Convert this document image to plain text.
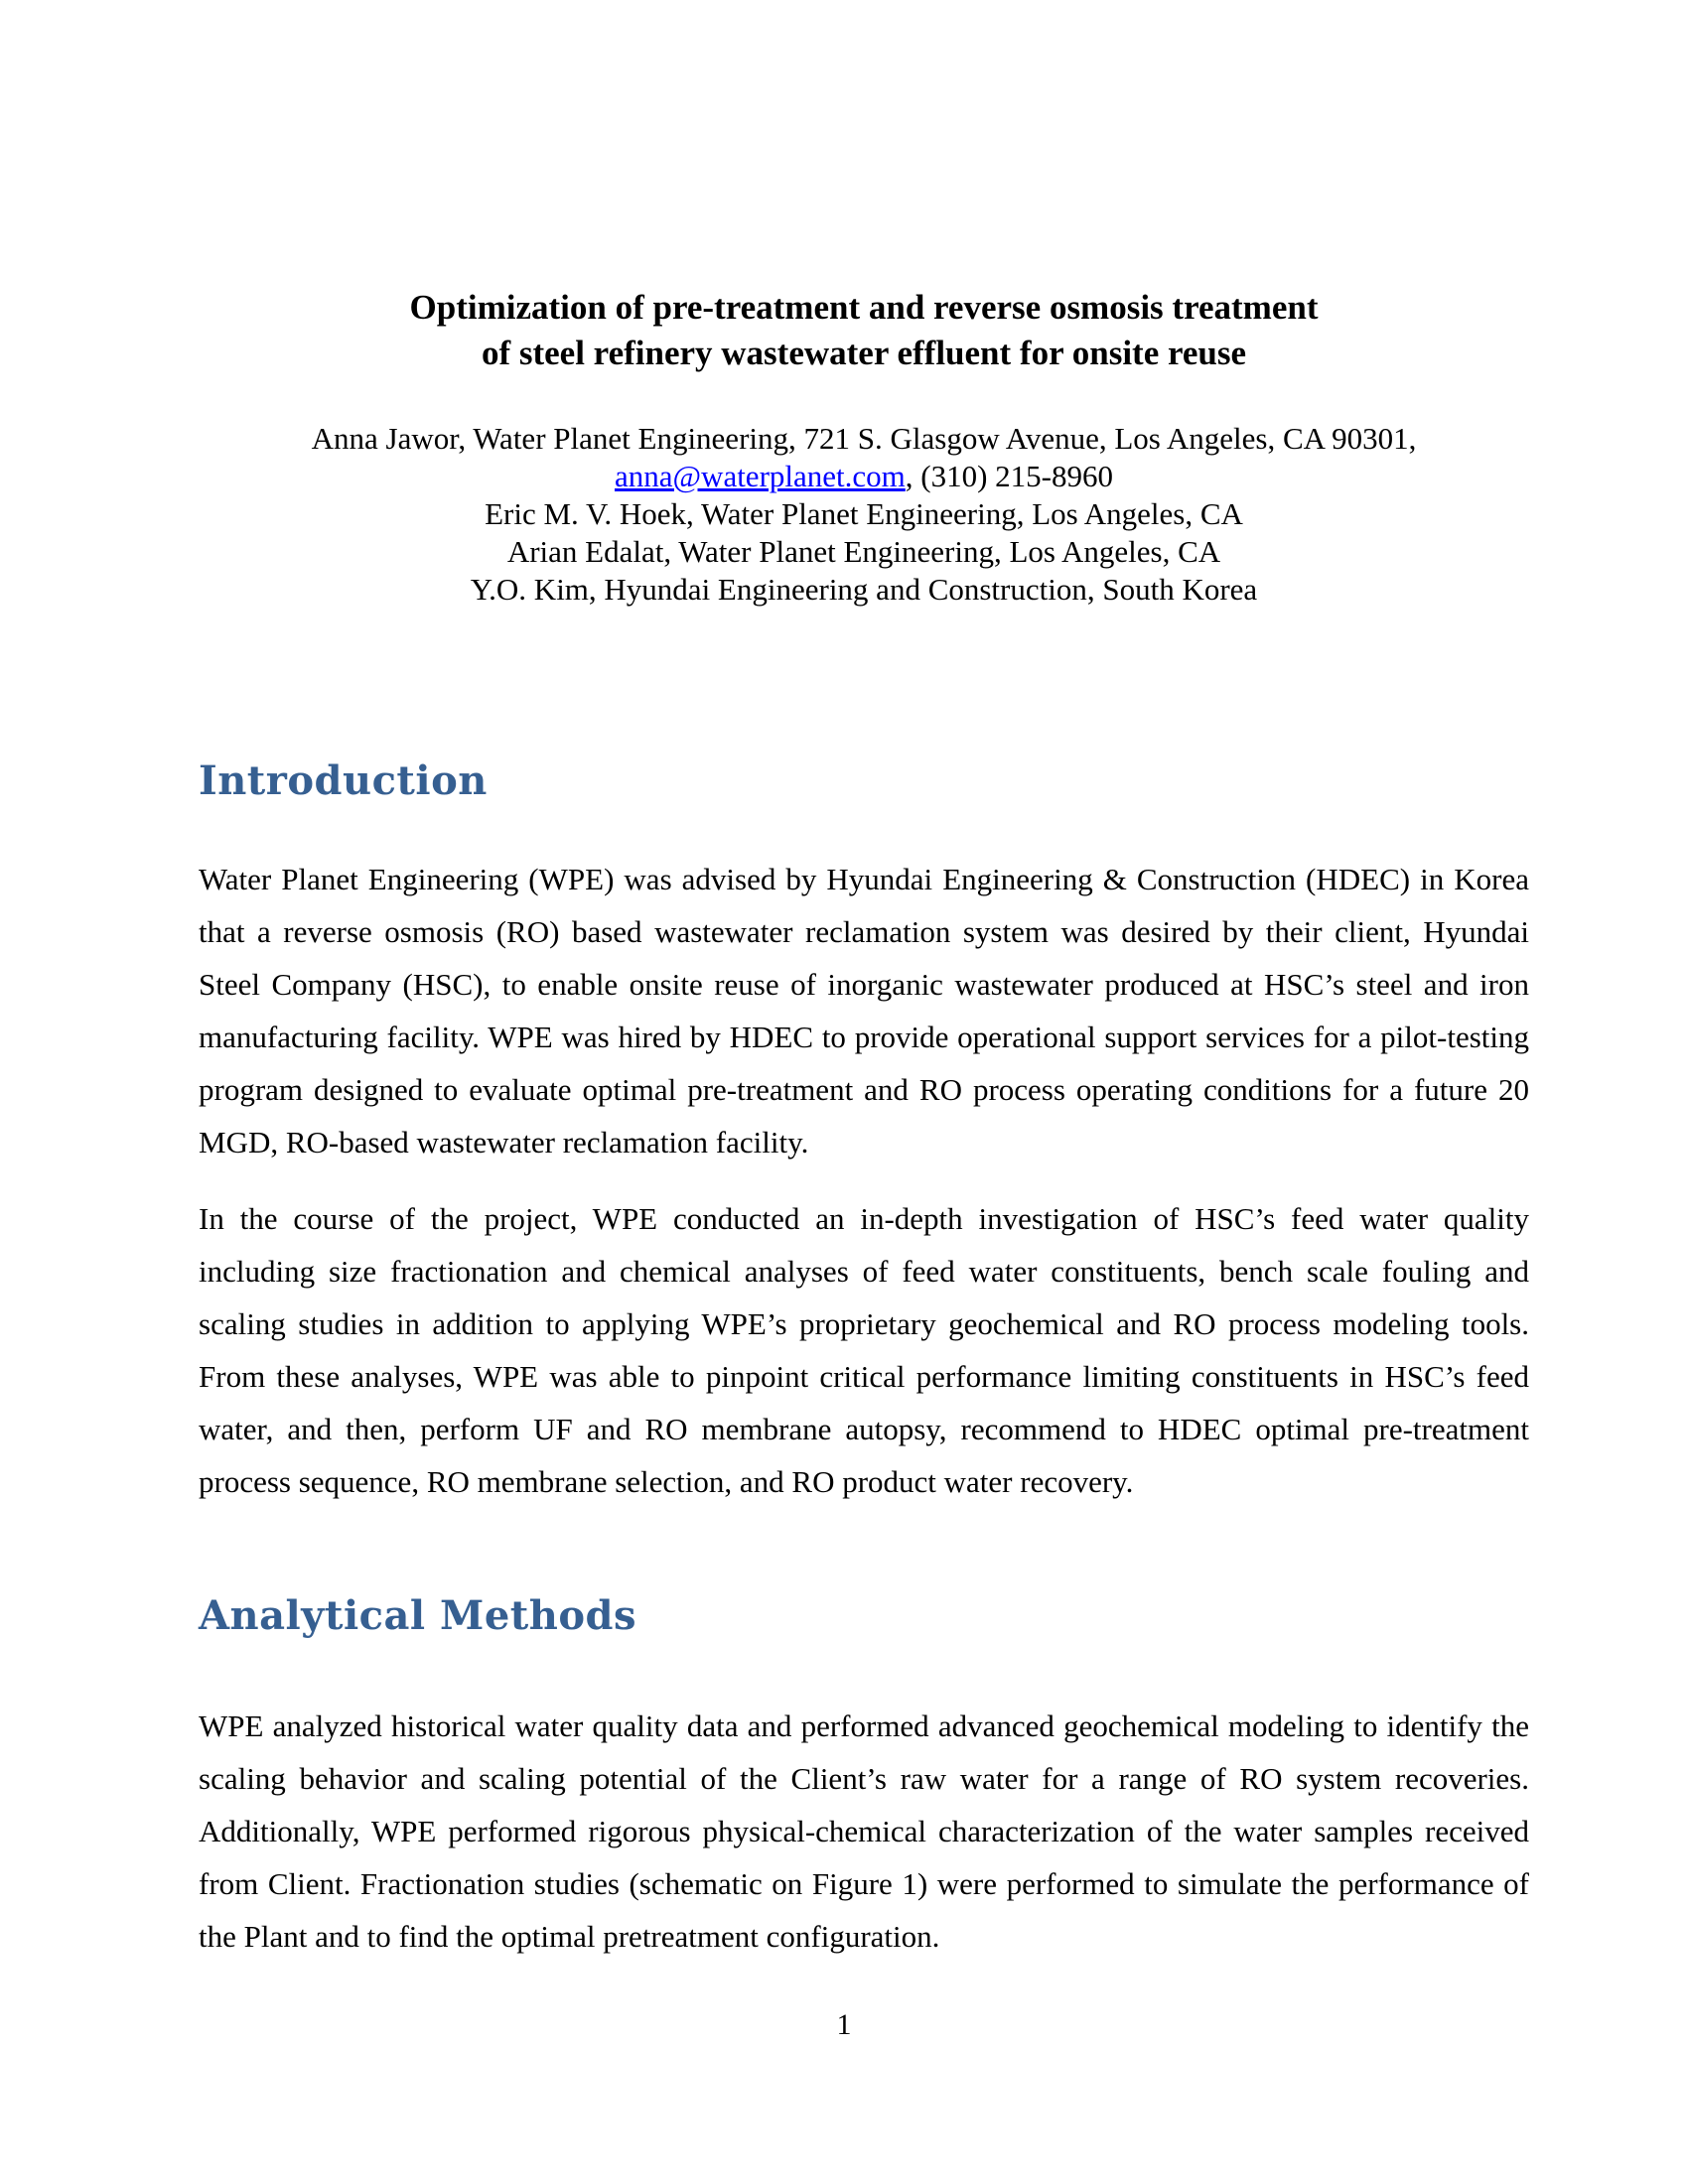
Optimization of pre-treatment and reverse osmosis treatment
of steel refinery wastewater effluent for onsite reuse
Anna Jawor, Water Planet Engineering, 721 S. Glasgow Avenue, Los Angeles, CA 90301,
anna@waterplanet.com, (310) 215-8960
Eric M. V. Hoek, Water Planet Engineering, Los Angeles, CA
Arian Edalat, Water Planet Engineering, Los Angeles, CA
Y.O. Kim, Hyundai Engineering and Construction, South Korea
Introduction

Water Planet Engineering (WPE) was advised by Hyundai Engineering & Construction (HDEC) in Korea that a reverse osmosis (RO) based wastewater reclamation system was desired by their client, Hyundai Steel Company (HSC), to enable onsite reuse of inorganic wastewater produced at HSC’s steel and iron manufacturing facility. WPE was hired by HDEC to provide operational support services for a pilot-testing program designed to evaluate optimal pre-treatment and RO process operating conditions for a future 20 MGD, RO-based wastewater reclamation facility.

In the course of the project, WPE conducted an in-depth investigation of HSC’s feed water quality including size fractionation and chemical analyses of feed water constituents, bench scale fouling and scaling studies in addition to applying WPE’s proprietary geochemical and RO process modeling tools. From these analyses, WPE was able to pinpoint critical performance limiting constituents in HSC’s feed water, and then, perform UF and RO membrane autopsy, recommend to HDEC optimal pre-treatment process sequence, RO membrane selection, and RO product water recovery.

Analytical Methods

WPE analyzed historical water quality data and performed advanced geochemical modeling to identify the scaling behavior and scaling potential of the Client’s raw water for a range of RO system recoveries. Additionally, WPE performed rigorous physical-chemical characterization of the water samples received from Client. Fractionation studies (schematic on Figure 1) were performed to simulate the performance of the Plant and to find the optimal pretreatment configuration.

1
